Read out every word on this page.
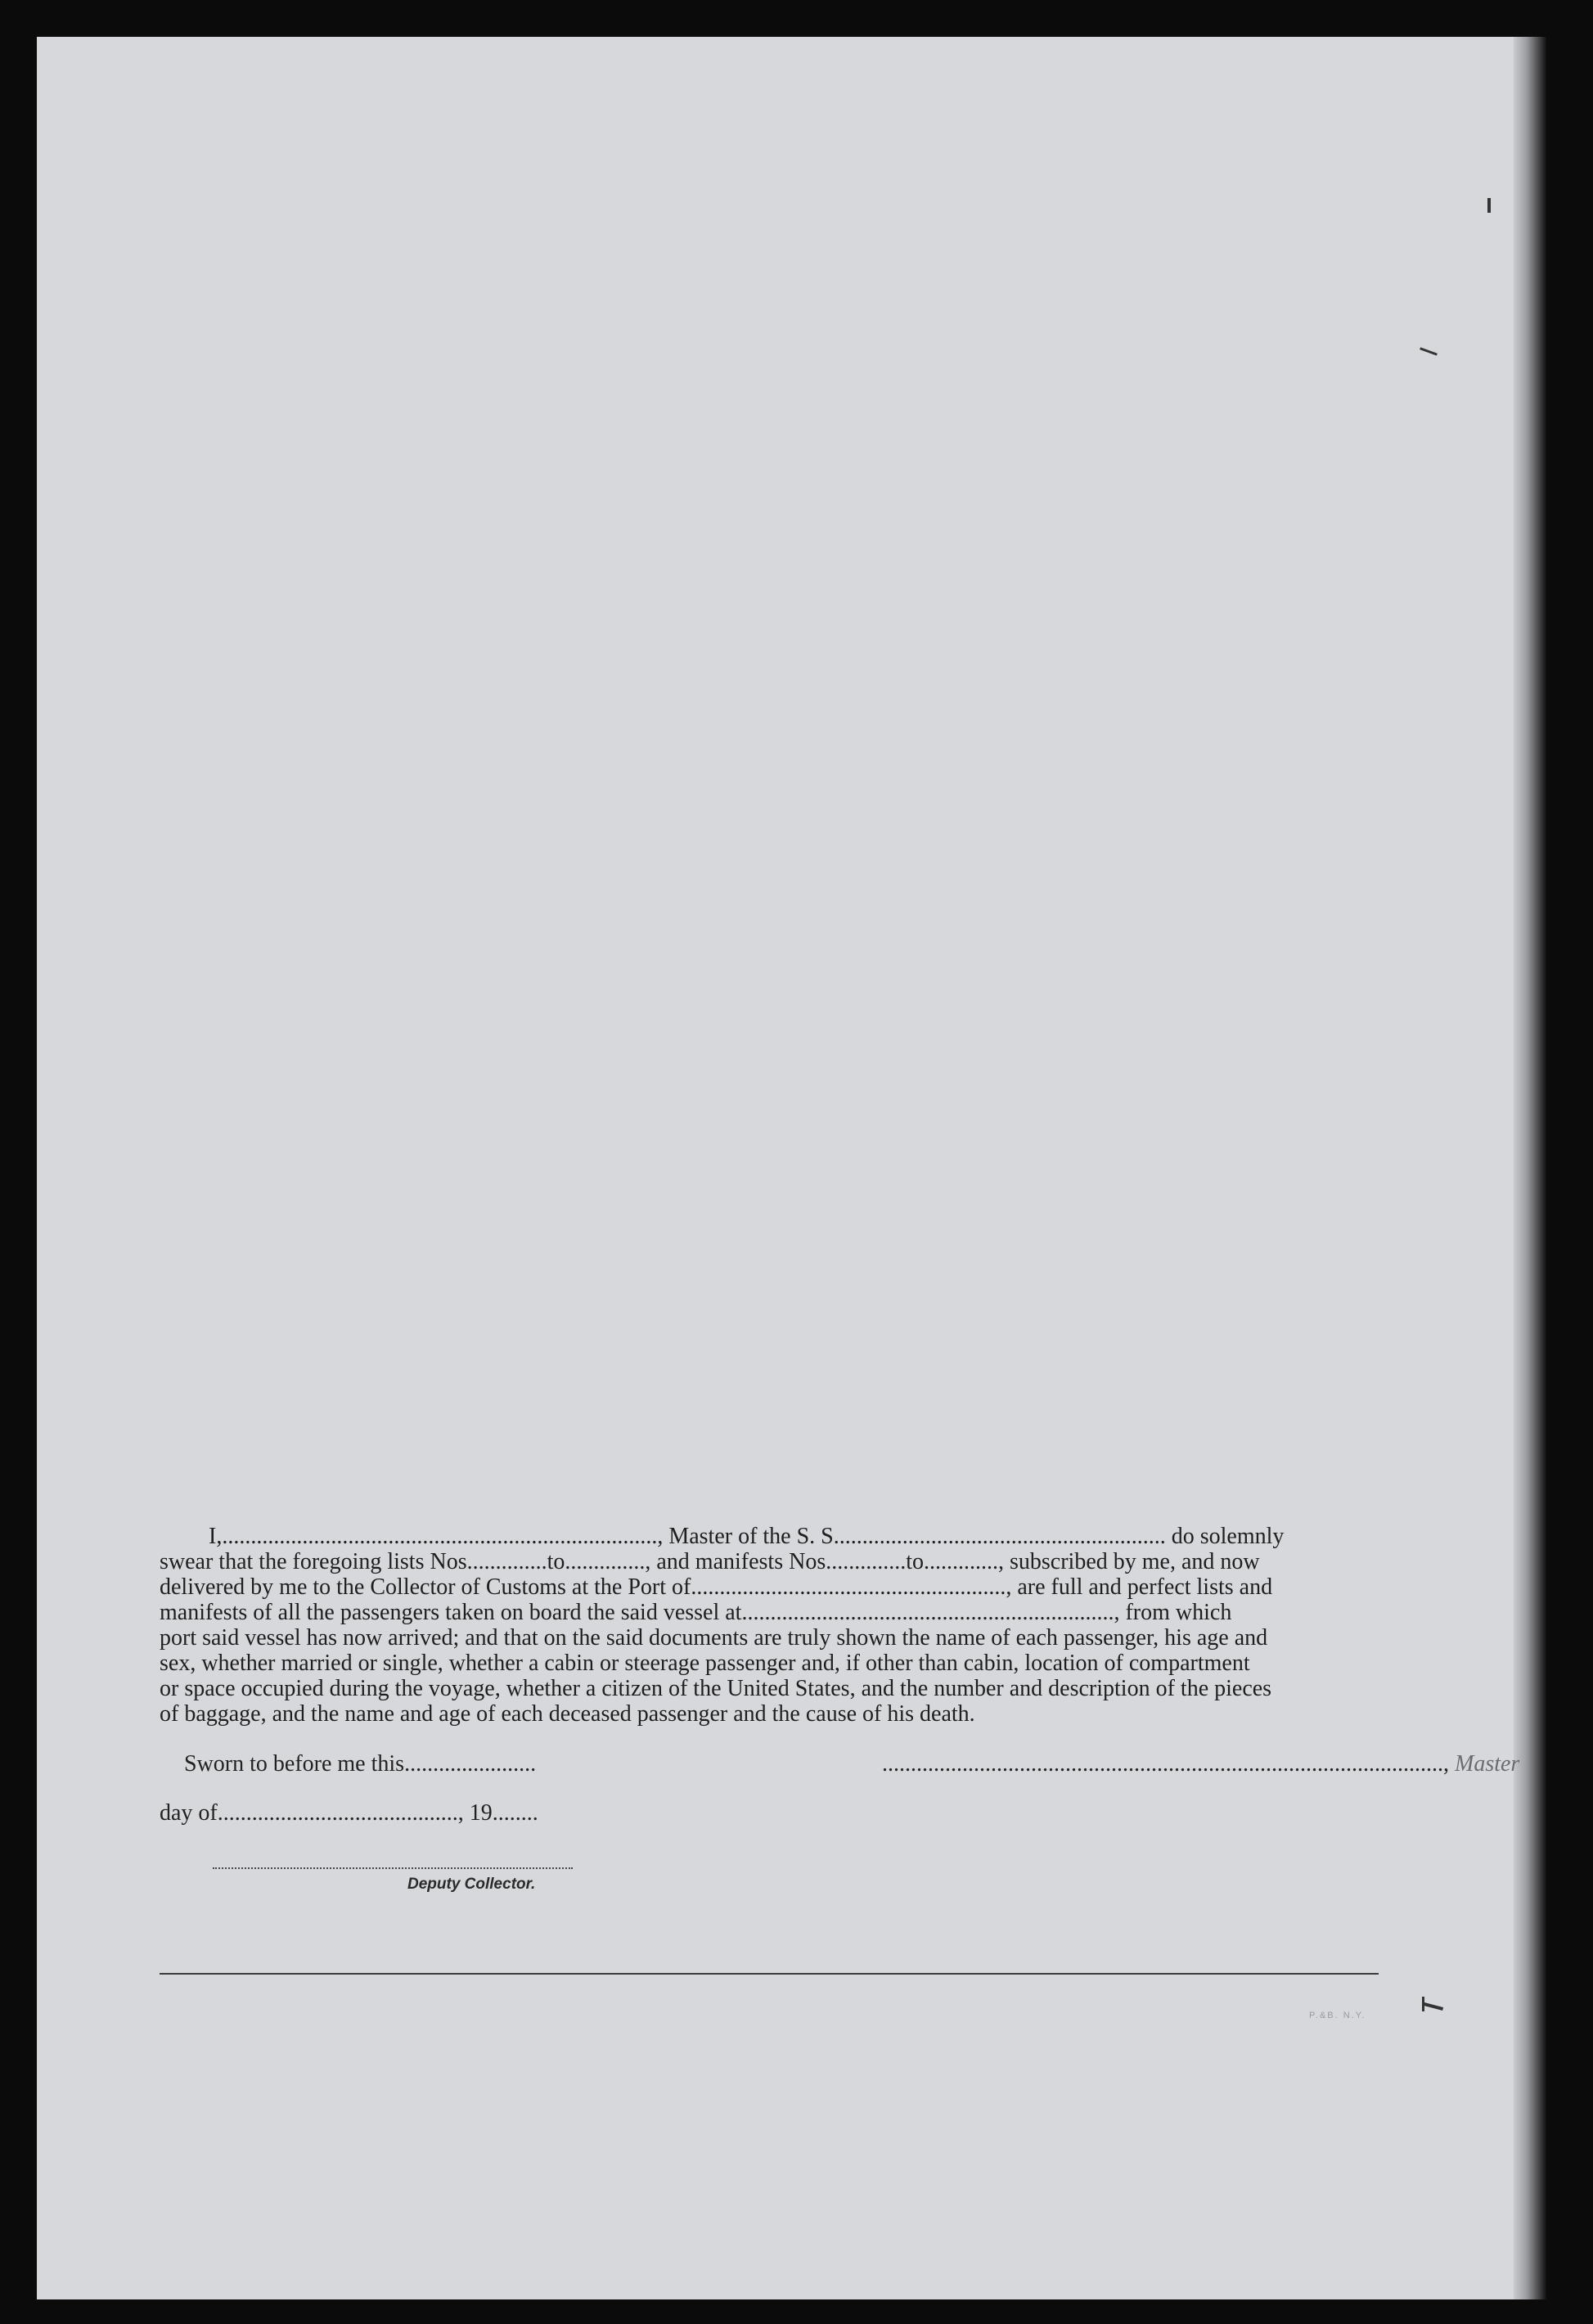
I,............................................................................, Master of the S. S.......................................................... do solemnly

swear that the foregoing lists Nos..............to.............., and manifests Nos..............to............., subscribed by me, and now
delivered by me to the Collector of Customs at the Port of......................................................., are full and perfect lists and
manifests of all the passengers taken on board the said vessel at................................................................., from which
port said vessel has now arrived; and that on the said documents are truly shown the name of each passenger, his age and
sex, whether married or single, whether a cabin or steerage passenger and, if other than cabin, location of compartment
or space occupied during the voyage, whether a citizen of the United States, and the number and description of the pieces
of baggage, and the name and age of each deceased passenger and the cause of his death.
Sworn to before me this.......................	.................................................................................................., Master
day of.........................................., 19........
Deputy Collector.
P.&B. N.Y.
